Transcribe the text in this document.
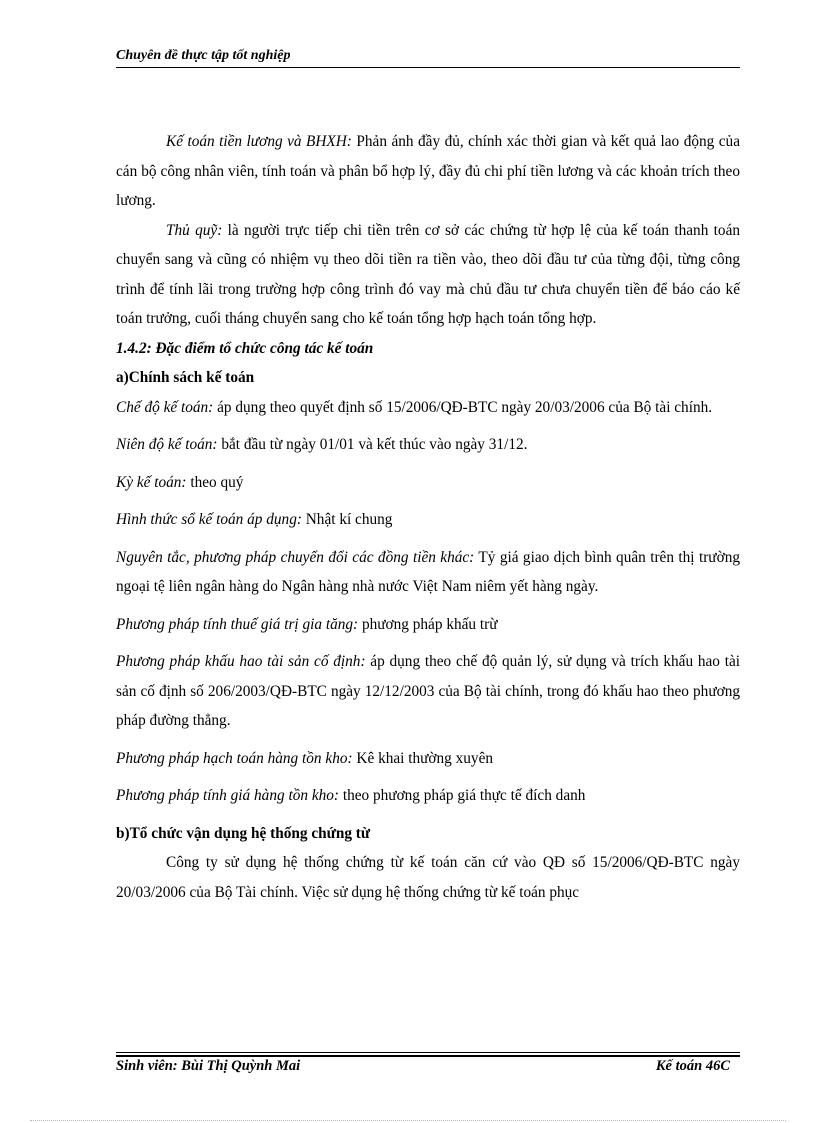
Chuyên đề thực tập tốt nghiệp

Kế toán tiền lương và BHXH: Phản ánh đầy đủ, chính xác thời gian và kết quả lao động của cán bộ công nhân viên, tính toán và phân bổ hợp lý, đầy đủ chi phí tiền lương và các khoản trích theo lương.

Thủ quỹ: là người trực tiếp chi tiền trên cơ sở các chứng từ hợp lệ của kế toán thanh toán chuyển sang và cũng có nhiệm vụ theo dõi tiền ra tiền vào, theo dõi đầu tư của từng đội, từng công trình để tính lãi trong trường hợp công trình đó vay mà chủ đầu tư chưa chuyển tiền để báo cáo kế toán trưởng, cuối tháng chuyển sang cho kế toán tổng hợp hạch toán tổng hợp.

1.4.2: Đặc điểm tổ chức công tác kế toán

a)Chính sách kế toán

Chế độ kế toán: áp dụng theo quyết định số 15/2006/QĐ-BTC ngày 20/03/2006 của Bộ tài chính.

Niên độ kế toán: bắt đầu từ ngày 01/01 và kết thúc vào ngày 31/12.

Kỳ kế toán: theo quý

Hình thức sổ kế toán áp dụng: Nhật kí chung

Nguyên tắc, phương pháp chuyển đổi các đồng tiền khác: Tỷ giá giao dịch bình quân trên thị trường ngoại tệ liên ngân hàng do Ngân hàng nhà nước Việt Nam niêm yết hàng ngày.

Phương pháp tính thuế giá trị gia tăng: phương pháp khấu trừ

Phương pháp khấu hao tài sản cố định: áp dụng theo chế độ quản lý, sử dụng và trích khấu hao tài sản cố định số 206/2003/QĐ-BTC ngày 12/12/2003 của Bộ tài chính, trong đó khấu hao theo phương pháp đường thẳng.

Phương pháp hạch toán hàng tồn kho: Kê khai thường xuyên

Phương pháp tính giá hàng tồn kho: theo phương pháp giá thực tế đích danh

b)Tổ chức vận dụng hệ thống chứng từ

Công ty sử dụng hệ thống chứng từ kế toán căn cứ vào QĐ số 15/2006/QĐ-BTC ngày 20/03/2006 của Bộ Tài chính. Việc sử dụng hệ thống chứng từ kế toán phục

Sinh viên: Bùi Thị Quỳnh Mai	Kế toán 46C
